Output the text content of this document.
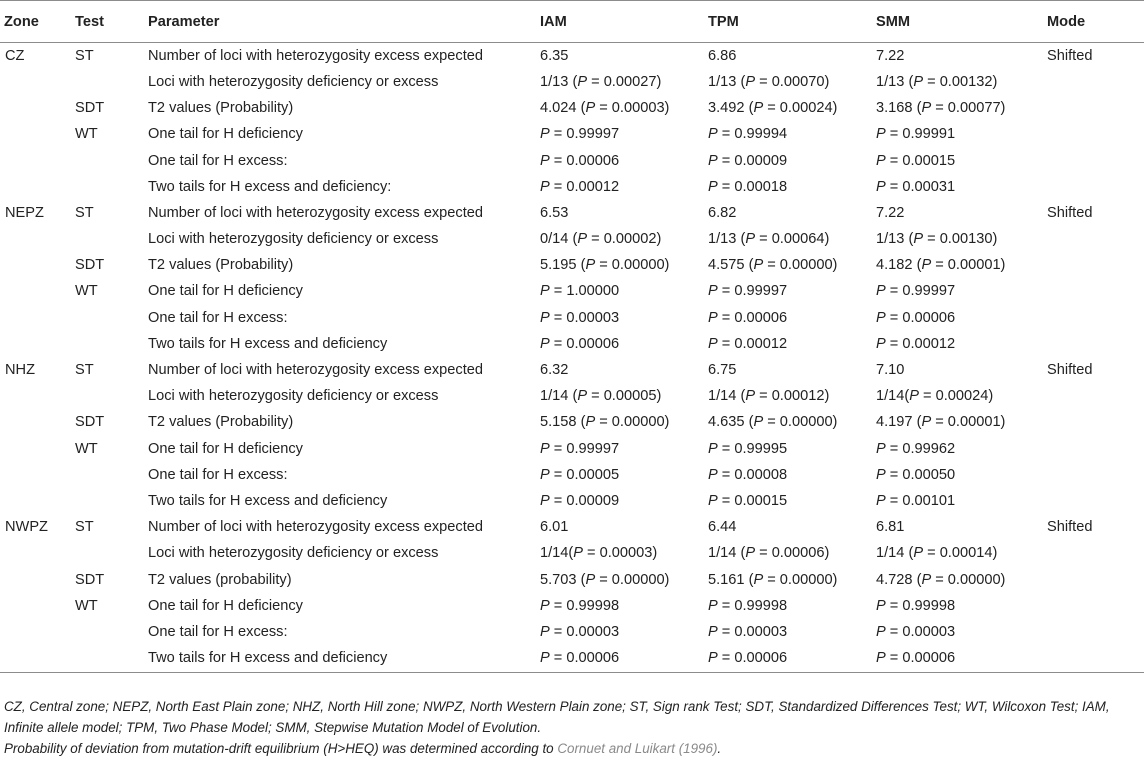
Zone	Test	Parameter	IAM	TPM	SMM	Mode
CZ	ST	Number of loci with heterozygosity excess expected	6.35	6.86	7.22	Shifted
		Loci with heterozygosity deficiency or excess	1/13 (P = 0.00027)	1/13 (P = 0.00070)	1/13 (P = 0.00132)	
	SDT	T2 values (Probability)	4.024 (P = 0.00003)	3.492 (P = 0.00024)	3.168 (P = 0.00077)	
	WT	One tail for H deficiency	P = 0.99997	P = 0.99994	P = 0.99991	
		One tail for H excess:	P = 0.00006	P = 0.00009	P = 0.00015	
		Two tails for H excess and deficiency:	P = 0.00012	P = 0.00018	P = 0.00031	
NEPZ	ST	Number of loci with heterozygosity excess expected	6.53	6.82	7.22	Shifted
		Loci with heterozygosity deficiency or excess	0/14 (P = 0.00002)	1/13 (P = 0.00064)	1/13 (P = 0.00130)	
	SDT	T2 values (Probability)	5.195 (P = 0.00000)	4.575 (P = 0.00000)	4.182 (P = 0.00001)	
	WT	One tail for H deficiency	P = 1.00000	P = 0.99997	P = 0.99997	
		One tail for H excess:	P = 0.00003	P = 0.00006	P = 0.00006	
		Two tails for H excess and deficiency	P = 0.00006	P = 0.00012	P = 0.00012	
NHZ	ST	Number of loci with heterozygosity excess expected	6.32	6.75	7.10	Shifted
		Loci with heterozygosity deficiency or excess	1/14 (P = 0.00005)	1/14 (P = 0.00012)	1/14(P = 0.00024)	
	SDT	T2 values (Probability)	5.158 (P = 0.00000)	4.635 (P = 0.00000)	4.197 (P = 0.00001)	
	WT	One tail for H deficiency	P = 0.99997	P = 0.99995	P = 0.99962	
		One tail for H excess:	P = 0.00005	P = 0.00008	P = 0.00050	
		Two tails for H excess and deficiency	P = 0.00009	P = 0.00015	P = 0.00101	
NWPZ	ST	Number of loci with heterozygosity excess expected	6.01	6.44	6.81	Shifted
		Loci with heterozygosity deficiency or excess	1/14(P = 0.00003)	1/14 (P = 0.00006)	1/14 (P = 0.00014)	
	SDT	T2 values (probability)	5.703 (P = 0.00000)	5.161 (P = 0.00000)	4.728 (P = 0.00000)	
	WT	One tail for H deficiency	P = 0.99998	P = 0.99998	P = 0.99998	
		One tail for H excess:	P = 0.00003	P = 0.00003	P = 0.00003	
		Two tails for H excess and deficiency	P = 0.00006	P = 0.00006	P = 0.00006	
CZ, Central zone; NEPZ, North East Plain zone; NHZ, North Hill zone; NWPZ, North Western Plain zone; ST, Sign rank Test; SDT, Standardized Differences Test; WT, Wilcoxon Test; IAM, Infinite allele model; TPM, Two Phase Model; SMM, Stepwise Mutation Model of Evolution.
Probability of deviation from mutation-drift equilibrium (H>HEQ) was determined according to Cornuet and Luikart (1996).
